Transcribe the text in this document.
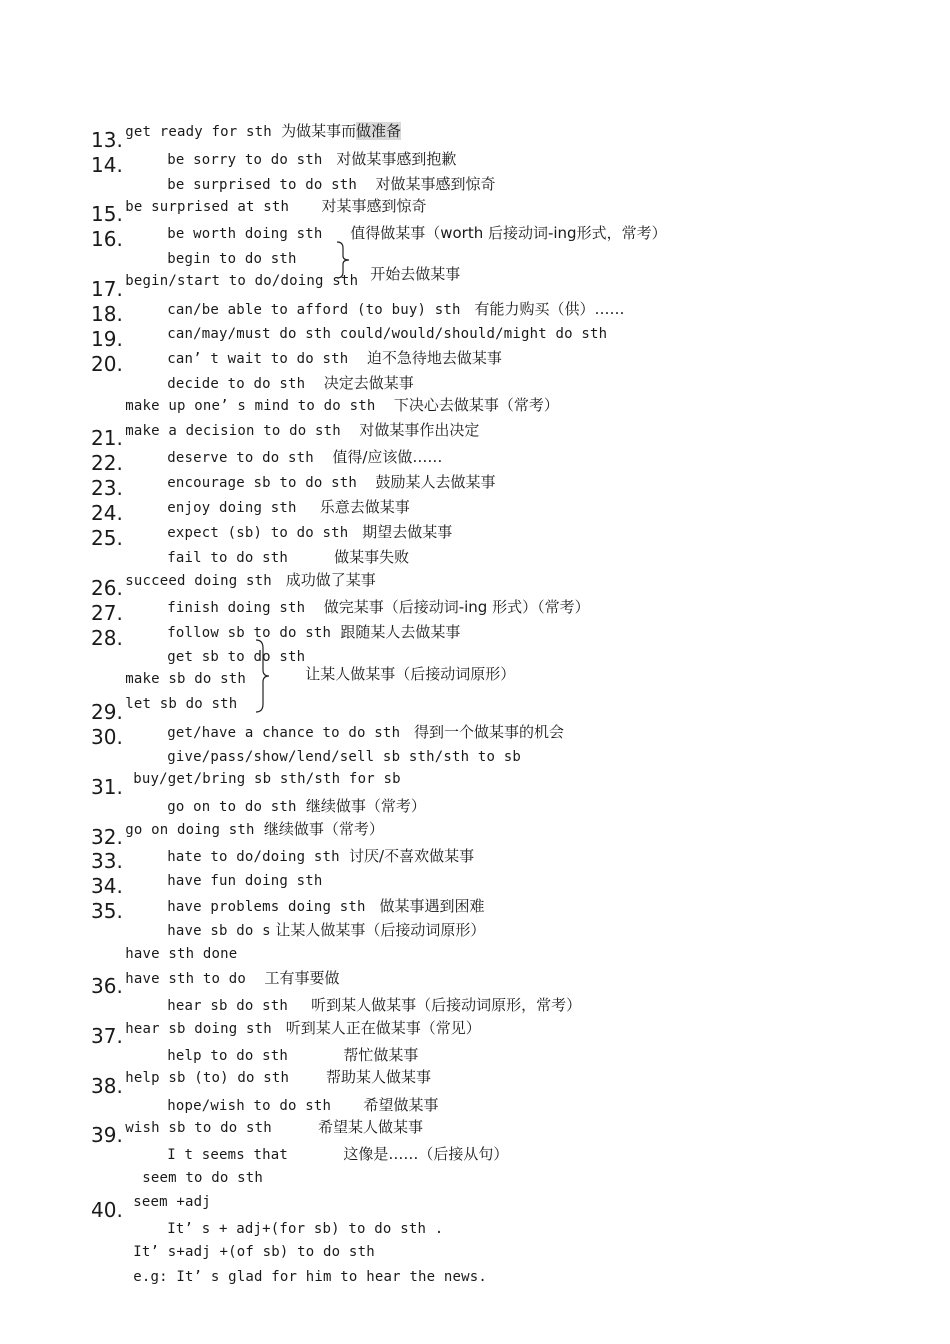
get ready for sth 为做某事而做准备

13.

be sorry to do sth 对做某事感到抱歉

14.

be surprised to do sth 对做某事感到惊奇

be surprised at sth 对某事感到惊奇

15.

be worth doing sth 值得做某事（worth 后接动词-ing形式，常考）

16.

begin to do sth

begin/start to do/doing sth 开始去做某事

17.

can/be able to afford (to buy) sth 有能力购买（供）……

18.

can/may/must do sth could/would/should/might do sth

19.

can’ t wait to do sth 迫不急待地去做某事

20.

decide to do sth 决定去做某事

make up one’ s mind to do sth 下决心去做某事（常考）

make a decision to do sth 对做某事作出决定

21.

deserve to do sth 值得/应该做……

22.

encourage sb to do sth 鼓励某人去做某事

23.

enjoy doing sth 乐意去做某事

24.

expect (sb) to do sth 期望去做某事

25.

fail to do sth	做某事失败

succeed doing sth 成功做了某事

26.

finish doing sth 做完某事（后接动词-ing 形式）（常考）

27.

follow sb to do sth 跟随某人去做某事

28.

get sb to do sth

make sb do sth

let sb do sth

让某人做某事（后接动词原形）

29.

get/have a chance to do sth 得到一个做某事的机会

30.

give/pass/show/lend/sell sb sth/sth to sb

buy/get/bring sb sth/sth for sb

31.

go on to do sth 继续做事（常考）

go on doing sth 继续做事（常考）

32.

hate to do/doing sth 讨厌/不喜欢做某事

33.

have fun doing sth

34.

have problems doing sth 做某事遇到困难

35.

have sb do s 让某人做某事（后接动词原形）

have sth done

have sth to do 工有事要做

36.

hear sb do sth 听到某人做某事（后接动词原形，常考）

hear sb doing sth 听到某人正在做某事（常见）

37.

help to do sth	帮忙做某事

help sb (to) do sth 帮助某人做某事

38.

hope/wish to do sth 希望做某事

wish sb to do sth	希望某人做某事

39.

I t seems that	这像是……（后接从句）

seem to do sth

seem +adj

40.

It’ s + adj+(for sb) to do sth .

It’ s+adj +(of sb) to do sth

e.g: It’ s glad for him to hear the news.
